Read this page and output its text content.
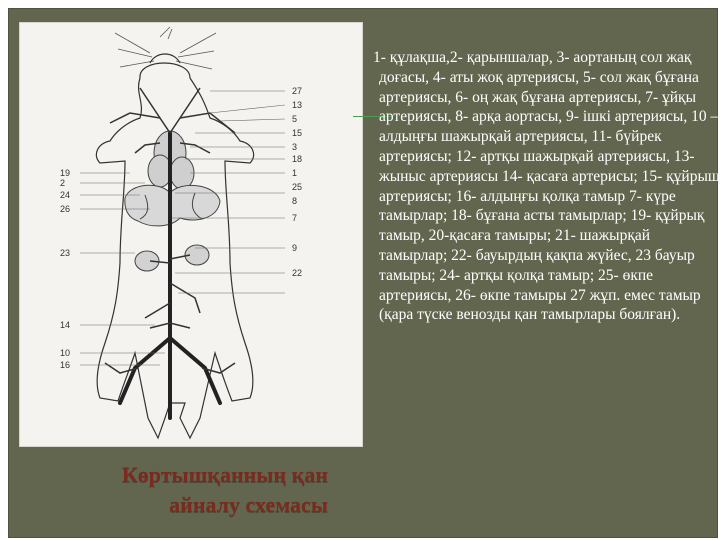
27
13
5
15
3
18
1
25
8
7
9
22
19
2
24
26
23
14
10
16

1- құлақша,2- қарыншалар, 3- аортаның сол жақ доғасы, 4- аты жоқ артериясы, 5- сол жақ бұғана артериясы, 6- оң жақ бұғана артериясы, 7- ұйқы артериясы, 8- арқа аортасы, 9- ішкі артериясы, 10 – алдыңғы шажырқай артериясы, 11- бүйрек артериясы; 12- артқы шажырқай артериясы, 13- жыныс артериясы 14- қасаға артерисы; 15- құйрыщ артериясы; 16- алдыңғы қолқа тамыр 7- күре тамырлар; 18- бұғана асты тамырлар; 19- құйрық тамыр, 20-қасаға тамыры; 21- шажырқай тамырлар; 22- бауырдың қақпа жүйес, 23 бауыр тамыры; 24- артқы қолқа тамыр; 25- өкпе артериясы, 26- өкпе тамыры 27 жұп. емес тамыр (қара түске венозды қан тамырлары боялған).

Көртышқанның қан
айналу схемасы
